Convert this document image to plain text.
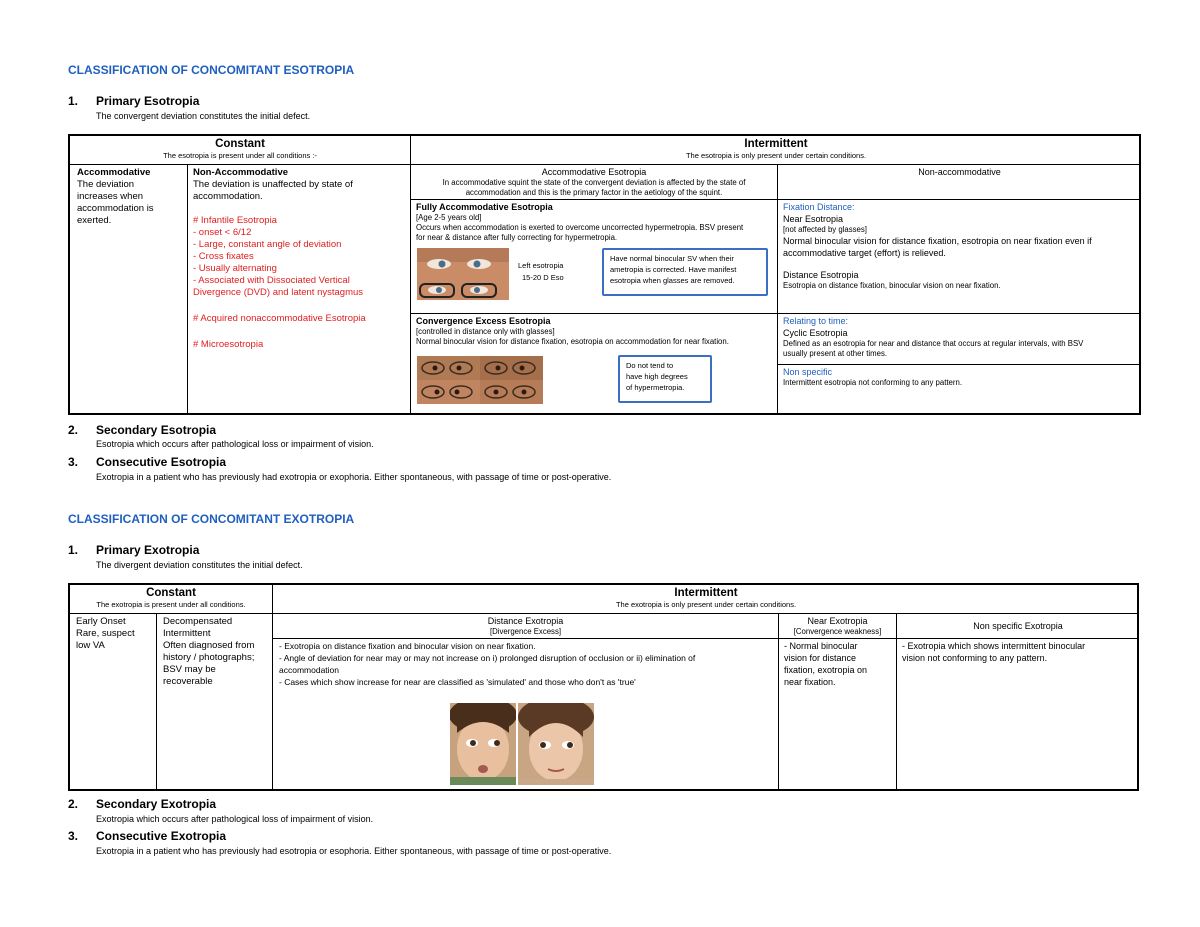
CLASSIFICATION OF CONCOMITANT ESOTROPIA
1. Primary Esotropia
The convergent deviation constitutes the initial defect.
Constant
The esotropia is present under all conditions :-
Intermittent
The esotropia is only present under certain conditions.
Accommodative
The deviation
increases when
accommodation is
exerted.
Non-Accommodative
The deviation is unaffected by state of
accommodation.
# Infantile Esotropia
- onset < 6/12
- Large, constant angle of deviation
- Cross fixates
- Usually alternating
- Associated with Dissociated Vertical
Divergence (DVD) and latent nystagmus
# Acquired nonaccommodative Esotropia
# Microesotropia
Accommodative Esotropia
In accommodative squint the state of the convergent deviation is affected by the state of
accommodation and this is the primary factor in the aetiology of the squint.
Non-accommodative
Fully Accommodative Esotropia
[Age 2-5 years old]
Occurs when accommodation is exerted to overcome uncorrected hypermetropia. BSV present
for near & distance after fully correcting for hypermetropia.
Left esotropia
15-20 D Eso
Have normal binocular SV when their
ametropia is corrected. Have manifest
esotropia when glasses are removed.
Convergence Excess Esotropia
[controlled in distance only with glasses]
Normal binocular vision for distance fixation, esotropia on accommodation for near fixation.
Do not tend to
have high degrees
of hypermetropia.
Fixation Distance:
Near Esotropia
[not affected by glasses]
Normal binocular vision for distance fixation, esotropia on near fixation even if
accommodative target (effort) is relieved.
Distance Esotropia
Esotropia on distance fixation, binocular vision on near fixation.
Relating to time:
Cyclic Esotropia
Defined as an esotropia for near and distance that occurs at regular intervals, with BSV
usually present at other times.
Non specific
Intermittent esotropia not conforming to any pattern.
2. Secondary Esotropia
Esotropia which occurs after pathological loss or impairment of vision.
3. Consecutive Esotropia
Exotropia in a patient who has previously had exotropia or exophoria. Either spontaneous, with passage of time or post-operative.
CLASSIFICATION OF CONCOMITANT EXOTROPIA
1. Primary Exotropia
The divergent deviation constitutes the initial defect.
Constant
The exotropia is present under all conditions.
Intermittent
The exotropia is only present under certain conditions.
Early Onset
Rare, suspect
low VA
Decompensated
Intermittent
Often diagnosed from
history / photographs;
BSV may be
recoverable
Distance Exotropia
[Divergence Excess]
Near Exotropia
[Convergence weakness]
Non specific Exotropia
- Exotropia on distance fixation and binocular vision on near fixation.
- Angle of deviation for near may or may not increase on i) prolonged disruption of occlusion or ii) elimination of
accommodation
- Cases which show increase for near are classified as 'simulated' and those who don't as 'true'
- Normal binocular
vision for distance
fixation, exotropia on
near fixation.
- Exotropia which shows intermittent binocular
vision not conforming to any pattern.
2. Secondary Exotropia
Exotropia which occurs after pathological loss of impairment of vision.
3. Consecutive Exotropia
Exotropia in a patient who has previously had esotropia or esophoria. Either spontaneous, with passage of time or post-operative.
